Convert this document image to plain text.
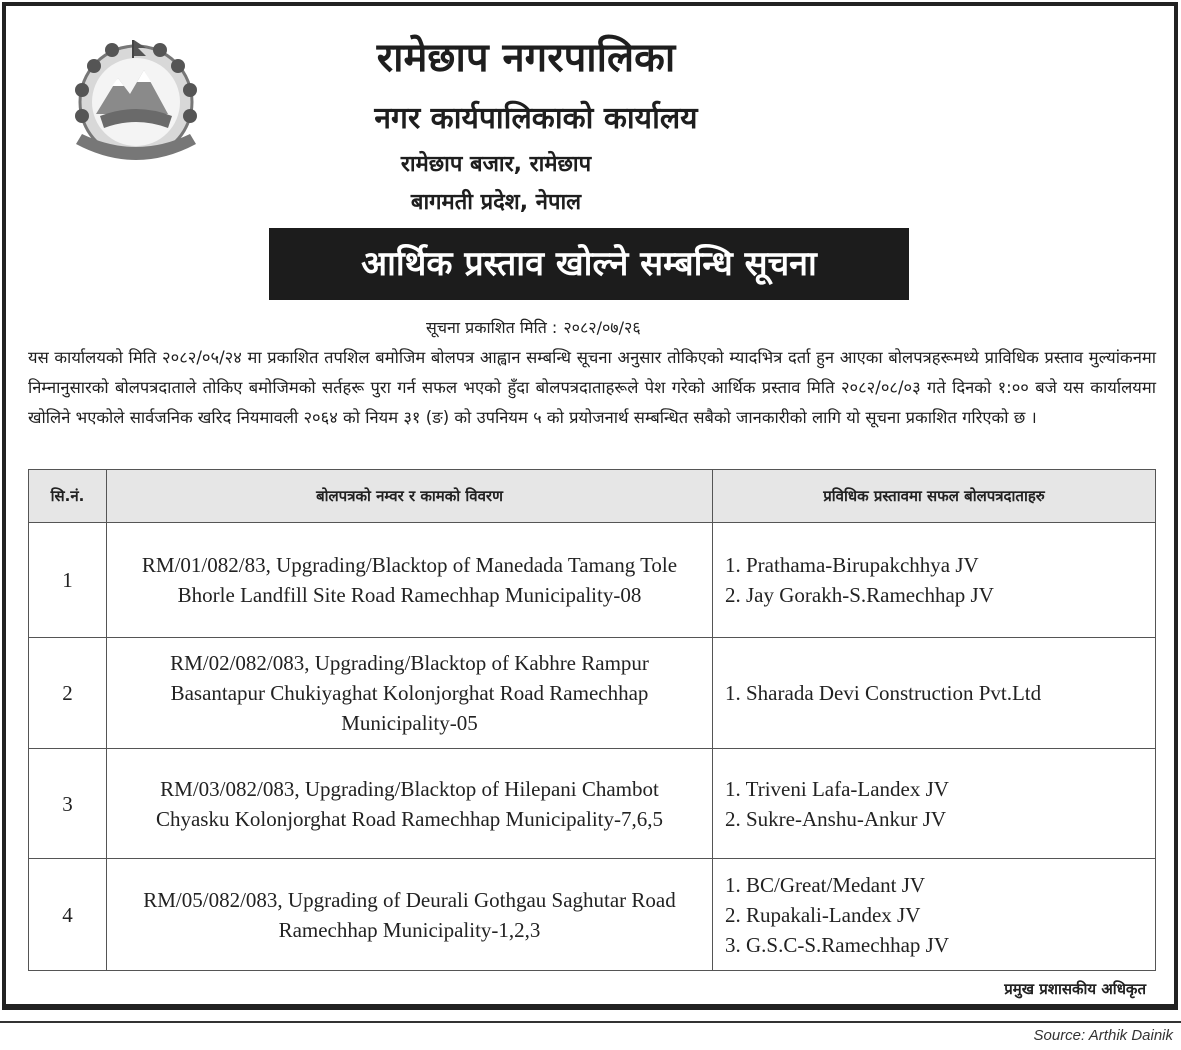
रामेछाप नगरपालिका
नगर कार्यपालिकाको कार्यालय
रामेछाप बजार, रामेछाप
बागमती प्रदेश, नेपाल
आर्थिक प्रस्ताव खोल्ने सम्बन्धि सूचना
सूचना प्रकाशित मिति : २०८२/०७/२६
यस कार्यालयको मिति २०८२/०५/२४ मा प्रकाशित तपशिल बमोजिम बोलपत्र आह्वान सम्बन्धि सूचना अनुसार तोकिएको म्यादभित्र दर्ता हुन आएका बोलपत्रहरूमध्ये प्राविधिक प्रस्ताव मुल्यांकनमा निम्नानुसारको बोलपत्रदाताले तोकिए बमोजिमको सर्तहरू पुरा गर्न सफल भएको हुँदा बोलपत्रदाताहरूले पेश गरेको आर्थिक प्रस्ताव मिति २०८२/०८/०३ गते दिनको १:०० बजे यस कार्यालयमा खोलिने भएकोले सार्वजनिक खरिद नियमावली २०६४ को नियम ३१ (ङ) को उपनियम ५ को प्रयोजनार्थ सम्बन्धित सबैको जानकारीको लागि यो सूचना प्रकाशित गरिएको छ ।
सि.नं.	बोलपत्रको नम्वर र कामको विवरण	प्रविधिक प्रस्तावमा सफल बोलपत्रदाताहरु
1	RM/01/082/83, Upgrading/Blacktop of Manedada Tamang Tole Bhorle Landfill Site Road Ramechhap Municipality-08	1. Prathama-Birupakchhya JV
2. Jay Gorakh-S.Ramechhap JV

2	RM/02/082/083, Upgrading/Blacktop of Kabhre Rampur Basantapur Chukiyaghat Kolonjorghat Road Ramechhap Municipality-05	1. Sharada Devi Construction Pvt.Ltd

3	RM/03/082/083, Upgrading/Blacktop of Hilepani Chambot Chyasku Kolonjorghat Road Ramechhap Municipality-7,6,5	1. Triveni Lafa-Landex JV
2. Sukre-Anshu-Ankur JV

4	RM/05/082/083, Upgrading of Deurali Gothgau Saghutar Road Ramechhap Municipality-1,2,3	1. BC/Great/Medant JV
2. Rupakali-Landex JV
3. G.S.C-S.Ramechhap JV
प्रमुख प्रशासकीय अधिकृत
Source: Arthik Dainik
